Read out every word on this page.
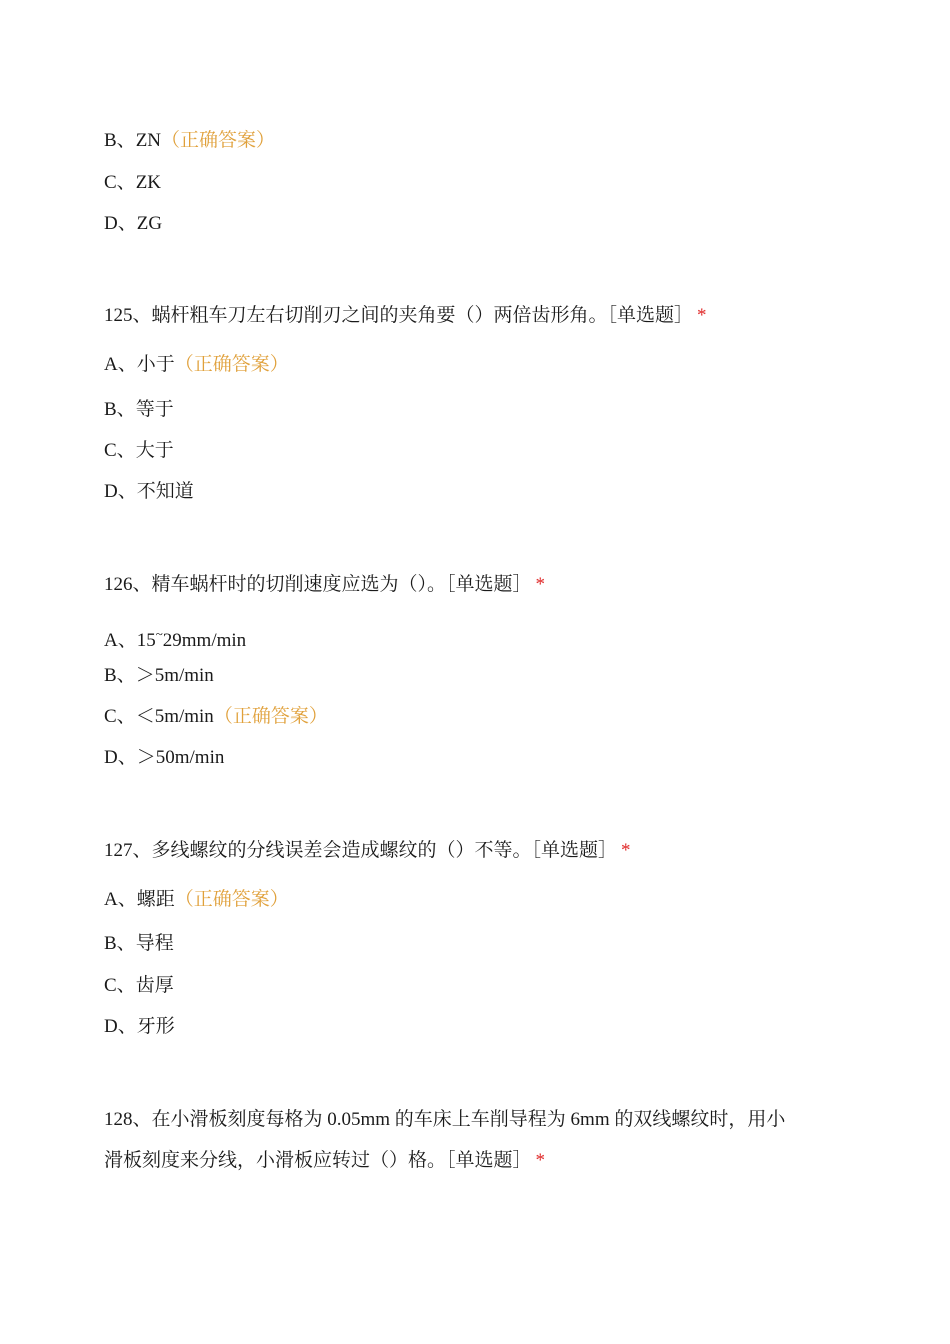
B、ZN（正确答案）
C、ZK
D、ZG
125、蜗杆粗车刀左右切削刃之间的夹角要（）两倍齿形角。［单选题］ *
A、小于（正确答案）
B、等于
C、大于
D、不知道
126、精车蜗杆时的切削速度应选为（）。［单选题］ *
A、15~29mm/min
B、＞5m/min
C、＜5m/min（正确答案）
D、＞50m/min
127、多线螺纹的分线误差会造成螺纹的（）不等。［单选题］ *
A、螺距（正确答案）
B、导程
C、齿厚
D、牙形
128、在小滑板刻度每格为 0.05mm 的车床上车削导程为 6mm 的双线螺纹时，用小
滑板刻度来分线，小滑板应转过（）格。［单选题］ *
